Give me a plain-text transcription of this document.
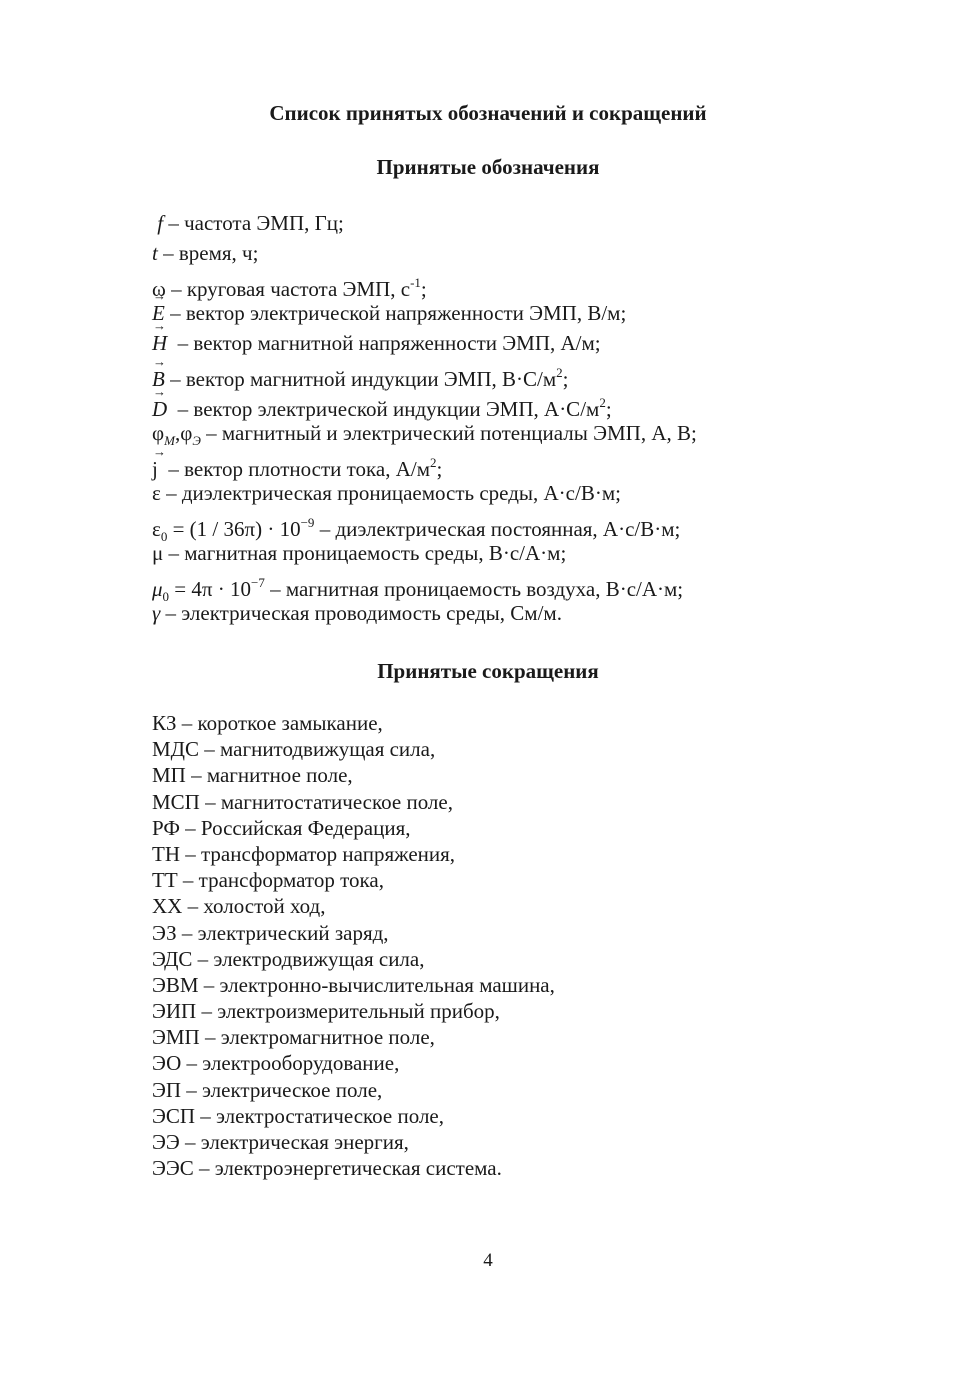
Список принятых обозначений и сокращений
Принятые обозначения
f – частота ЭМП, Гц;
t – время, ч;
ω – круговая частота ЭМП, $с^{-1}$;
→ E – вектор электрической напряженности ЭМП, В/м;
→ H  – вектор магнитной напряженности ЭМП, А/м;
→ B – вектор магнитной индукции ЭМП, $В\cdot С/м^2$;
→ D  – вектор электрической индукции ЭМП, $А\cdot С/м^2$;
$\varphi_М,\varphi_Э$ – магнитный и электрический потенциалы ЭМП, А, В;
→ j  – вектор плотности тока, $А/м^2$;
ε – диэлектрическая проницаемость среды, А·с/В·м;
$\varepsilon_0 = (1 / 36\pi) \cdot 10^{-9}$ – диэлектрическая постоянная, А·с/В·м;
μ – магнитная проницаемость среды, В·с/А·м;
$\mu_0 = 4\pi \cdot 10^{-7}$ – магнитная проницаемость воздуха, В·с/А·м;
γ – электрическая проводимость среды, См/м.
Принятые сокращения
КЗ – короткое замыкание,
МДС – магнитодвижущая сила,
МП – магнитное поле,
МСП – магнитостатическое поле,
РФ – Российская Федерация,
ТН – трансформатор напряжения,
ТТ – трансформатор тока,
ХХ – холостой ход,
ЭЗ – электрический заряд,
ЭДС – электродвижущая сила,
ЭВМ – электронно-вычислительная машина,
ЭИП – электроизмерительный прибор,
ЭМП – электромагнитное поле,
ЭО – электрооборудование,
ЭП – электрическое поле,
ЭСП – электростатическое поле,
ЭЭ – электрическая энергия,
ЭЭС – электроэнергетическая система.
4
